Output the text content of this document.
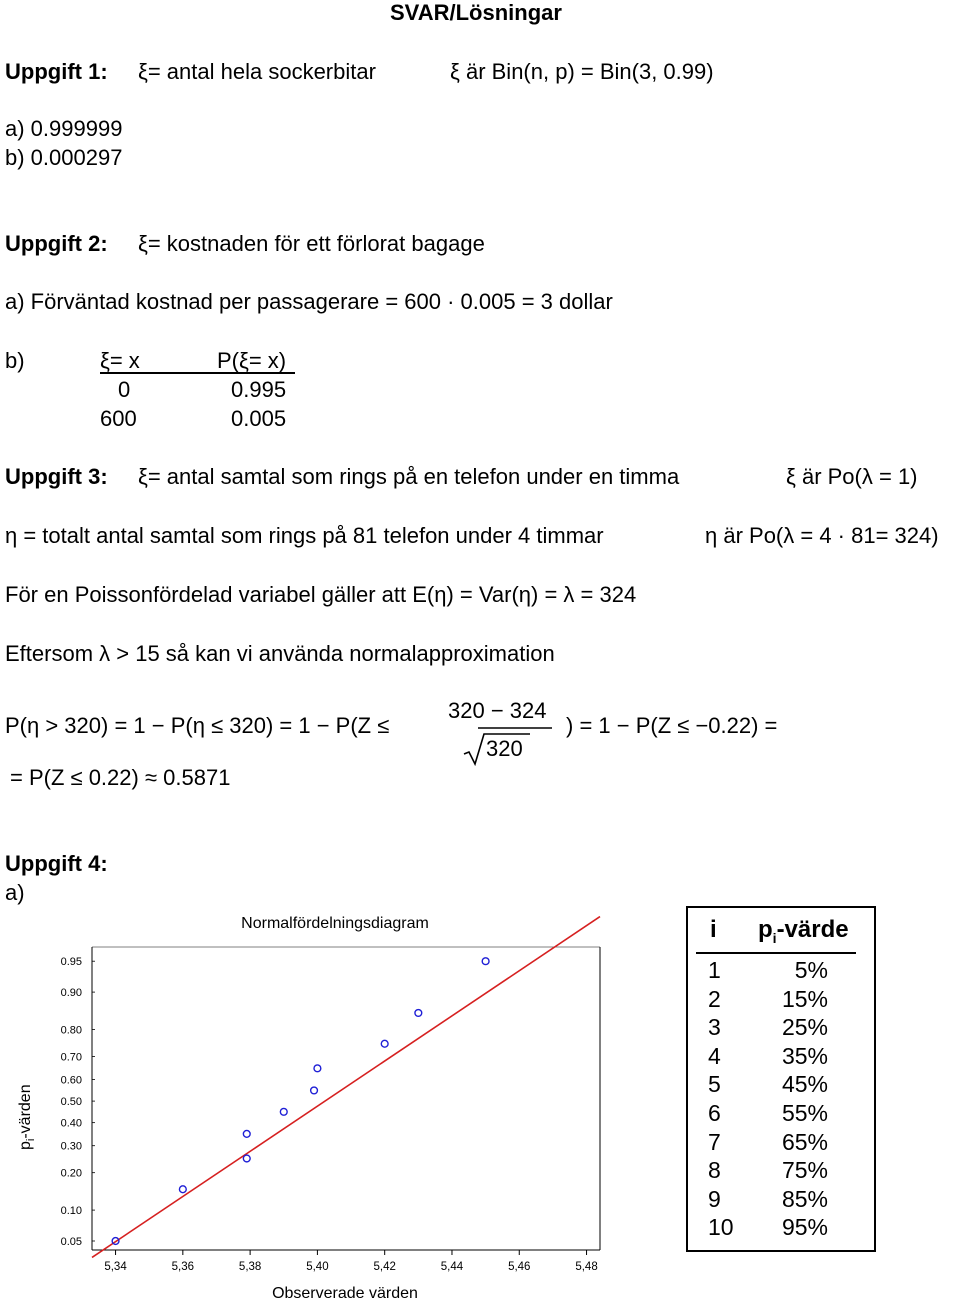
SVAR/Lösningar
Uppgift 1: ξ= antal hela sockerbitar	ξ är Bin(n, p) = Bin(3, 0.99)
a) 0.999999
b) 0.000297
Uppgift 2: ξ= kostnaden för ett förlorat bagage
a) Förväntad kostnad per passagerare = 600 · 0.005 = 3 dollar
b)	ξ= x	P(ξ= x)
0	0.995
600	0.005
Uppgift 3: ξ= antal samtal som rings på en telefon under en timma	ξ är Po(λ = 1)
η = totalt antal samtal som rings på 81 telefon under 4 timmar	η är Po(λ = 4 · 81= 324)
För en Poissonfördelad variabel gäller att E(η) = Var(η) = λ = 324
Eftersom λ > 15 så kan vi använda normalapproximation
P(η > 320) = 1 − P(η ≤ 320) = 1 − P(Z ≤
320 − 324
320
) = 1 − P(Z ≤ −0.22) =
= P(Z ≤ 0.22) ≈ 0.5871
Uppgift 4:
a)
Normalfördelningsdiagram
0.95
0.90
0.80
0.70
0.60
0.50
0.40
0.30
0.20
0.10
0.05
5,34	5,36	5,38	5,40	5,42	5,44	5,46	5,48
Observerade värden
$p_i$-värden
i $p_i$-värde
1	5%
2	15%
3	25%
4	35%
5	45%
6	55%
7	65%
8	75%
9	85%
10 95%
